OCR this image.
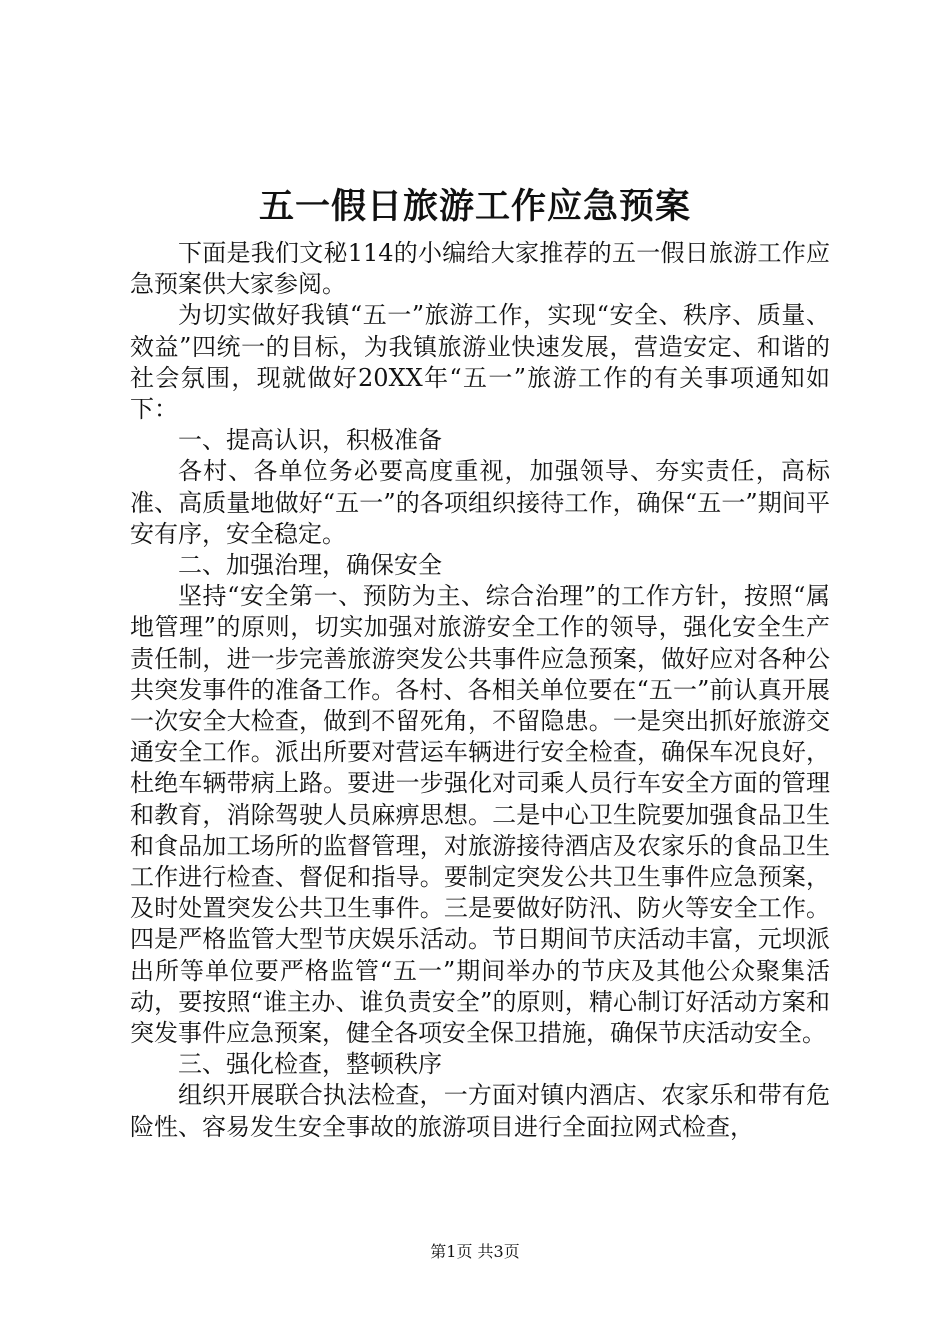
五一假日旅游工作应急预案

下面是我们文秘114的小编给大家推荐的五一假日旅游工作应急预案供大家参阅。

为切实做好我镇“五一”旅游工作，实现“安全、秩序、质量、效益”四统一的目标，为我镇旅游业快速发展，营造安定、和谐的社会氛围，现就做好20XX年“五一”旅游工作的有关事项通知如下：

一、提高认识，积极准备

各村、各单位务必要高度重视，加强领导、夯实责任，高标准、高质量地做好“五一”的各项组织接待工作，确保“五一”期间平安有序，安全稳定。

二、加强治理，确保安全

坚持“安全第一、预防为主、综合治理”的工作方针，按照“属地管理”的原则，切实加强对旅游安全工作的领导，强化安全生产责任制，进一步完善旅游突发公共事件应急预案，做好应对各种公共突发事件的准备工作。各村、各相关单位要在“五一”前认真开展一次安全大检查，做到不留死角，不留隐患。一是突出抓好旅游交通安全工作。派出所要对营运车辆进行安全检查，确保车况良好，杜绝车辆带病上路。要进一步强化对司乘人员行车安全方面的管理和教育，消除驾驶人员麻痹思想。二是中心卫生院要加强食品卫生和食品加工场所的监督管理，对旅游接待酒店及农家乐的食品卫生工作进行检查、督促和指导。要制定突发公共卫生事件应急预案，及时处置突发公共卫生事件。三是要做好防汛、防火等安全工作。四是严格监管大型节庆娱乐活动。节日期间节庆活动丰富，元坝派出所等单位要严格监管“五一”期间举办的节庆及其他公众聚集活动，要按照“谁主办、谁负责安全”的原则，精心制订好活动方案和突发事件应急预案，健全各项安全保卫措施，确保节庆活动安全。

三、强化检查，整顿秩序

组织开展联合执法检查，一方面对镇内酒店、农家乐和带有危险性、容易发生安全事故的旅游项目进行全面拉网式检查，

第1页 共3页
